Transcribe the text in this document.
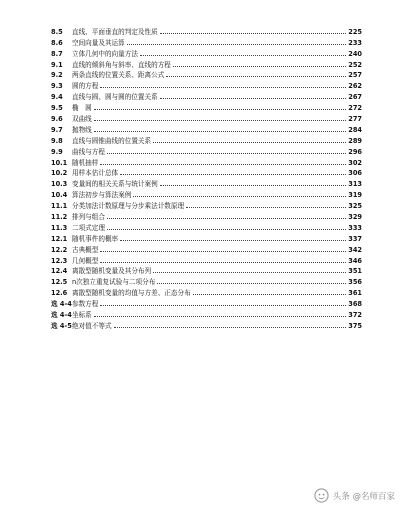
8.5	直线、平面垂直的判定及性质	225
8.6	空间向量及其运算	233
8.7	立体几何中的向量方法	240
9.1	直线的倾斜角与斜率、直线的方程	252
9.2	两条直线的位置关系、距离公式	257
9.3	圆的方程	262
9.4	直线与圆、圆与圆的位置关系	267
9.5	椭　圆	272
9.6	双曲线	277
9.7	抛物线	284
9.8	直线与圆锥曲线的位置关系	289
9.9	曲线与方程	296
10.1 随机抽样	302
10.2 用样本估计总体	306
10.3 变量间的相关关系与统计案例	313
10.4 算法初步与算法案例	319
11.1 分类加法计数原理与分步乘法计数原理	325
11.2 排列与组合	329
11.3 二项式定理	333
12.1 随机事件的概率	337
12.2 古典概型	342
12.3 几何概型	346
12.4 离散型随机变量及其分布列	351
12.5 n次独立重复试验与二项分布	356
12.6 离散型随机变量的均值与方差、正态分布	361
选 4-4 参数方程	368
选 4-4 坐标系	372
选 4-5 绝对值不等式	375
头条 @名师百家
